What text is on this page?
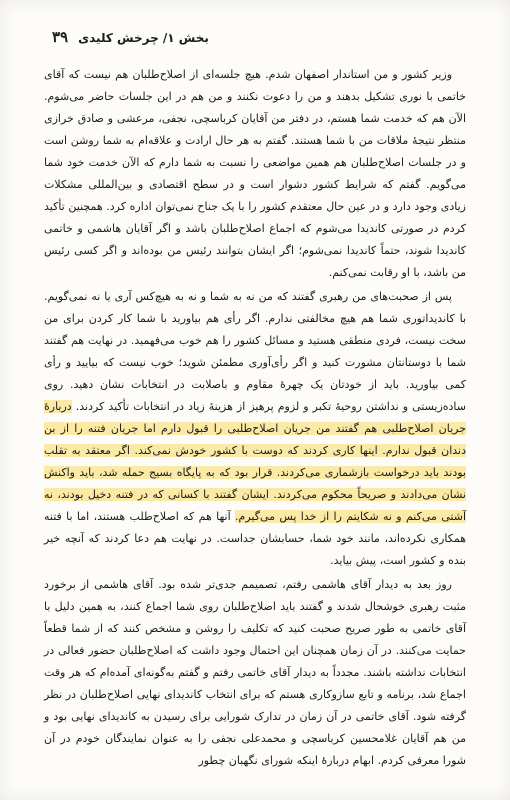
۳۹ بخش ۱/ چرخش کلیدی

وزیر کشور و من استاندار اصفهان شدم. هیچ جلسه‌ای از اصلاح‌طلبان هم نیست که آقای خاتمی با نوری تشکیل بدهند و من را دعوت نکنند و من هم در این جلسات حاضر می‌شوم. الآن هم که خدمت شما هستم، در دفتر من آقایان کرباسچی، نجفی، مرعشی و صادق خرازی منتظر نتیجهٔ ملاقات من با شما هستند. گفتم به هر حال ارادت و علاقه‌ام به شما روشن است و در جلسات اصلاح‌طلبان هم همین مواضعی را نسبت به شما دارم که الآن خدمت خود شما می‌گویم. گفتم که شرایط کشور دشوار است و در سطح اقتصادی و بین‌المللی مشکلات زیادی وجود دارد و در عین حال معتقدم کشور را با یک جناح نمی‌توان اداره کرد. همچنین تأکید کردم در صورتی کاندیدا می‌شوم که اجماع اصلاح‌طلبان باشد و اگر آقایان هاشمی و خاتمی کاندیدا شوند، حتماً کاندیدا نمی‌شوم؛ اگر ایشان بتوانند رئیس من بوده‌اند و اگر کسی رئیس من باشد، با او رقابت نمی‌کنم.

پس از صحبت‌های من رهبری گفتند که من نه به شما و نه به هیچ‌کس آری یا نه نمی‌گویم. با کاندیداتوری شما هم هیچ مخالفتی ندارم. اگر رأی هم بیاورید با شما کار کردن برای من سخت نیست، فردی منطقی هستید و مسائل کشور را هم خوب می‌فهمید. در نهایت هم گفتند شما با دوستانتان مشورت کنید و اگر رأی‌آوری مطمئن شوید؛ خوب نیست که بیایید و رأی کمی بیاورید. باید از خودتان یک چهرهٔ مقاوم و باصلابت در انتخابات نشان دهید. روی ساده‌زیستی و نداشتن روحیهٔ تکبر و لزوم پرهیز از هزینهٔ زیاد در انتخابات تأکید کردند. دربارهٔ جریان اصلاح‌طلبی هم گفتند من جریان اصلاح‌طلبی را قبول دارم اما جریان فتنه را از بن دندان قبول ندارم. اینها کاری کردند که دوست با کشور خودش نمی‌کند. اگر معتقد به تقلب بودند باید درخواست بازشماری می‌کردند. قرار بود که به پایگاه بسیج حمله شد، باید واکنش نشان می‌دادند و صریحاً محکوم می‌کردند. ایشان گفتند با کسانی که در فتنه دخیل بودند، نه آشتی می‌کنم و نه شکایتم را از خدا پس می‌گیرم. آنها هم که اصلاح‌طلب هستند، اما با فتنه همکاری نکرده‌اند، مانند خود شما، حسابشان جداست. در نهایت هم دعا کردند که آنچه خیر بنده و کشور است، پیش بیاید.

روز بعد به دیدار آقای هاشمی رفتم، تصمیمم جدی‌تر شده بود. آقای هاشمی از برخورد مثبت رهبری خوشحال شدند و گفتند باید اصلاح‌طلبان روی شما اجماع کنند، به همین دلیل با آقای خاتمی به طور صریح صحبت کنید که تکلیف را روشن و مشخص کنند که از شما قطعاً حمایت می‌کنند. در آن زمان همچنان این احتمال وجود داشت که اصلاح‌طلبان حضور فعالی در انتخابات نداشته باشند. مجدداً به دیدار آقای خاتمی رفتم و گفتم به‌گونه‌ای آمده‌ام که هر وقت اجماع شد، برنامه و تابع سازوکاری هستم که برای انتخاب کاندیدای نهایی اصلاح‌طلبان در نظر گرفته شود. آقای خاتمی در آن زمان در تدارک شورایی برای رسیدن به کاندیدای نهایی بود و من هم آقایان غلامحسین کرباسچی و محمدعلی نجفی را به عنوان نمایندگان خودم در آن شورا معرفی کردم. ابهام دربارهٔ اینکه شورای نگهبان چطور
